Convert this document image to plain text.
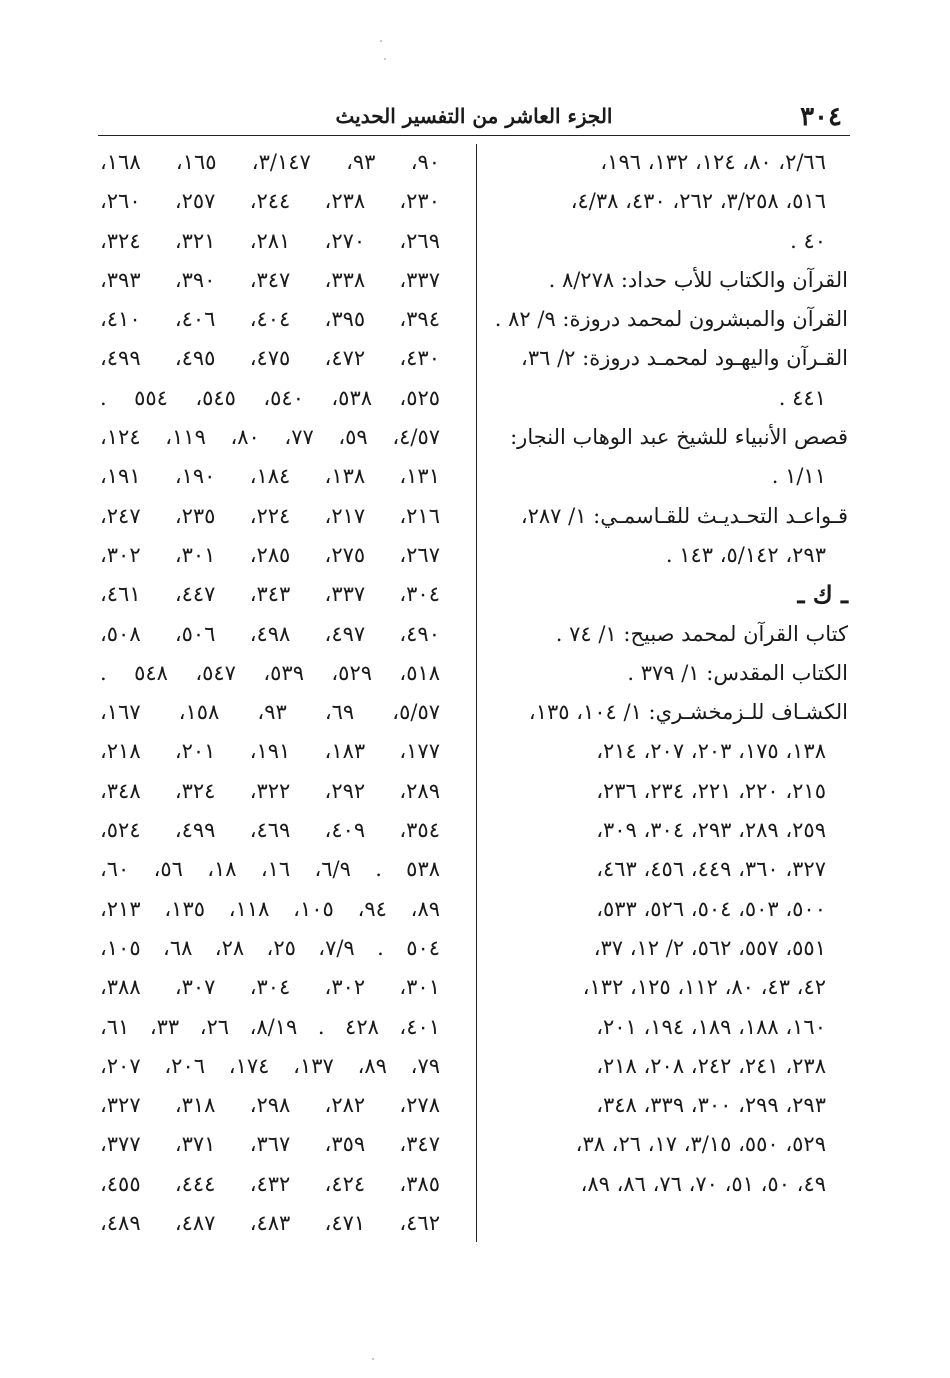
٣٠٤
الجزء العاشر من التفسير الحديث
٢/٦٦، ٨٠، ١٢٤، ١٣٢، ١٩٦،
٥١٦، ٣/٢٥٨، ٢٦٢، ٤٣٠، ٤/٣٨،
٤٠ .
القرآن والكتاب للأب حداد: ٨/٢٧٨ .
القرآن والمبشرون لمحمد دروزة: ٩/ ٨٢ .
القـرآن واليهـود لمحمـد دروزة: ٢/ ٣٦،
٤٤١ .
قصص الأنبياء للشيخ عبد الوهاب النجار:
١/١١ .
قـواعـد التحـديـث للقـاسمـي: ١/ ٢٨٧،
٢٩٣، ٥/١٤٢، ١٤٣ .
ـ ك ـ
كتاب القرآن لمحمد صبيح: ١/ ٧٤ .
الكتاب المقدس: ١/ ٣٧٩ .
الكشـاف للـزمخشـري: ١/ ١٠٤، ١٣٥،
١٣٨، ١٧٥، ٢٠٣، ٢٠٧، ٢١٤،
٢١٥، ٢٢٠، ٢٢١، ٢٣٤، ٢٣٦،
٢٥٩، ٢٨٩، ٢٩٣، ٣٠٤، ٣٠٩،
٣٢٧، ٣٦٠، ٤٤٩، ٤٥٦، ٤٦٣،
٥٠٠، ٥٠٣، ٥٠٤، ٥٢٦، ٥٣٣،
٥٥١، ٥٥٧، ٥٦٢، ٢/ ١٢، ٣٧،
٤٢، ٤٣، ٨٠، ١١٢، ١٢٥، ١٣٢،
١٦٠، ١٨٨، ١٨٩، ١٩٤، ٢٠١،
٢٣٨، ٢٤١، ٢٤٢، ٢٠٨، ٢١٨،
٢٩٣، ٢٩٩، ٣٠٠، ٣٣٩، ٣٤٨،
٥٢٩، ٥٥٠، ٣/١٥، ١٧، ٢٦، ٣٨،
٤٩، ٥٠، ٥١، ٧٠، ٧٦، ٨٦، ٨٩،
٩٠، ٩٣، ٣/١٤٧، ١٦٥، ١٦٨،
٢٣٠، ٢٣٨، ٢٤٤، ٢٥٧، ٢٦٠،
٢٦٩، ٢٧٠، ٢٨١، ٣٢١، ٣٢٤،
٣٣٧، ٣٣٨، ٣٤٧، ٣٩٠، ٣٩٣،
٣٩٤، ٣٩٥، ٤٠٤، ٤٠٦، ٤١٠،
٤٣٠، ٤٧٢، ٤٧٥، ٤٩٥، ٤٩٩،
٥٢٥، ٥٣٨، ٥٤٠، ٥٤٥، ٥٥٤ .
٤/٥٧، ٥٩، ٧٧، ٨٠، ١١٩، ١٢٤،
١٣١، ١٣٨، ١٨٤، ١٩٠، ١٩١،
٢١٦، ٢١٧، ٢٢٤، ٢٣٥، ٢٤٧،
٢٦٧، ٢٧٥، ٢٨٥، ٣٠١، ٣٠٢،
٣٠٤، ٣٣٧، ٣٤٣، ٤٤٧، ٤٦١،
٤٩٠، ٤٩٧، ٤٩٨، ٥٠٦، ٥٠٨،
٥١٨، ٥٢٩، ٥٣٩، ٥٤٧، ٥٤٨ .
٥/٥٧، ٦٩، ٩٣، ١٥٨، ١٦٧،
١٧٧، ١٨٣، ١٩١، ٢٠١، ٢١٨،
٢٨٩، ٢٩٢، ٣٢٢، ٣٢٤، ٣٤٨،
٣٥٤، ٤٠٩، ٤٦٩، ٤٩٩، ٥٢٤،
٥٣٨ . ٦/٩، ١٦، ١٨، ٥٦، ٦٠،
٨٩، ٩٤، ١٠٥، ١١٨، ١٣٥، ٢١٣،
٥٠٤ . ٧/٩، ٢٥، ٢٨، ٦٨، ١٠٥،
٣٠١، ٣٠٢، ٣٠٤، ٣٠٧، ٣٨٨،
٤٠١، ٤٢٨ . ٨/١٩، ٢٦، ٣٣، ٦١،
٧٩، ٨٩، ١٣٧، ١٧٤، ٢٠٦، ٢٠٧،
٢٧٨، ٢٨٢، ٢٩٨، ٣١٨، ٣٢٧،
٣٤٧، ٣٥٩، ٣٦٧، ٣٧١، ٣٧٧،
٣٨٥، ٤٢٤، ٤٣٢، ٤٤٤، ٤٥٥،
٤٦٢، ٤٧١، ٤٨٣، ٤٨٧، ٤٨٩،
